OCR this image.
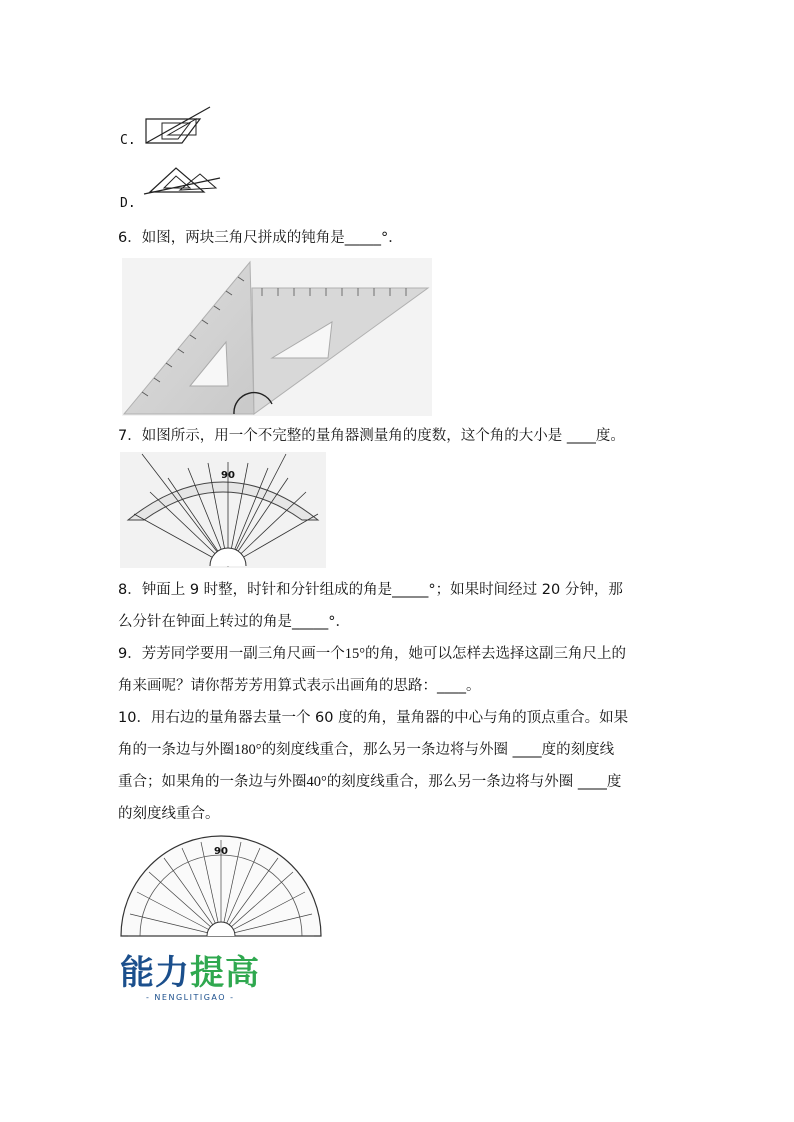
C.
D.
6．如图，两块三角尺拼成的钝角是_____°．
7．如图所示，用一个不完整的量角器测量角的度数，这个角的大小是 ____度。
90
8．钟面上 9 时整，时针和分针组成的角是_____°；如果时间经过 20 分钟，那
么分针在钟面上转过的角是_____°．
9．芳芳同学要用一副三角尺画一个15°的角，她可以怎样去选择这副三角尺上的
角来画呢？请你帮芳芳用算式表示出画角的思路：____。
10．用右边的量角器去量一个 60 度的角，量角器的中心与角的顶点重合。如果
角的一条边与外圈180°的刻度线重合，那么另一条边将与外圈 ____度的刻度线
重合；如果角的一条边与外圈40°的刻度线重合，那么另一条边将与外圈 ____度
的刻度线重合。
90
能力提高
- NENGLITIGAO -
